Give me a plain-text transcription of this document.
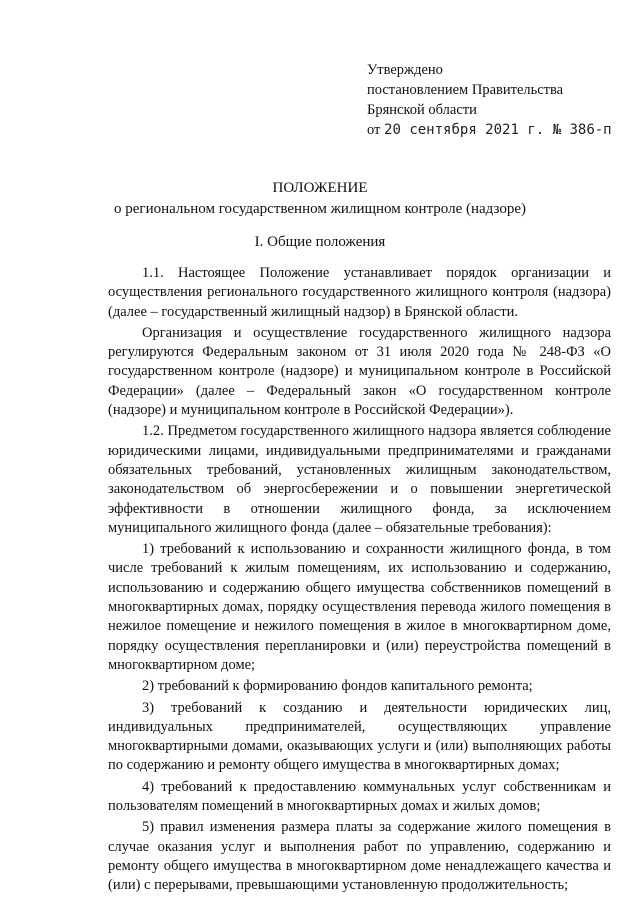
Утверждено
постановлением Правительства
Брянской области
от 20 сентября 2021 г. № 386-п
ПОЛОЖЕНИЕ
о региональном государственном жилищном контроле (надзоре)
I. Общие положения

1.1. Настоящее Положение устанавливает порядок организации и осуществления регионального государственного жилищного контроля (надзора) (далее – государственный жилищный надзор) в Брянской области.

Организация и осуществление государственного жилищного надзора регулируются Федеральным законом от 31 июля 2020 года № 248-ФЗ «О государственном контроле (надзоре) и муниципальном контроле в Российской Федерации» (далее – Федеральный закон «О государственном контроле (надзоре) и муниципальном контроле в Российской Федерации»).

1.2. Предметом государственного жилищного надзора является соблюдение юридическими лицами, индивидуальными предпринимателями и гражданами обязательных требований, установленных жилищным законодательством, законодательством об энергосбережении и о повышении энергетической эффективности в отношении жилищного фонда, за исключением муниципального жилищного фонда (далее – обязательные требования):

1) требований к использованию и сохранности жилищного фонда, в том числе требований к жилым помещениям, их использованию и содержанию, использованию и содержанию общего имущества собственников помещений в многоквартирных домах, порядку осуществления перевода жилого помещения в нежилое помещение и нежилого помещения в жилое в многоквартирном доме, порядку осуществления перепланировки и (или) переустройства помещений в многоквартирном доме;

2) требований к формированию фондов капитального ремонта;

3) требований к созданию и деятельности юридических лиц, индивидуальных предпринимателей, осуществляющих управление многоквартирными домами, оказывающих услуги и (или) выполняющих работы по содержанию и ремонту общего имущества в многоквартирных домах;

4) требований к предоставлению коммунальных услуг собственникам и пользователям помещений в многоквартирных домах и жилых домов;

5) правил изменения размера платы за содержание жилого помещения в случае оказания услуг и выполнения работ по управлению, содержанию и ремонту общего имущества в многоквартирном доме ненадлежащего качества и (или) с перерывами, превышающими установленную продолжительность;
